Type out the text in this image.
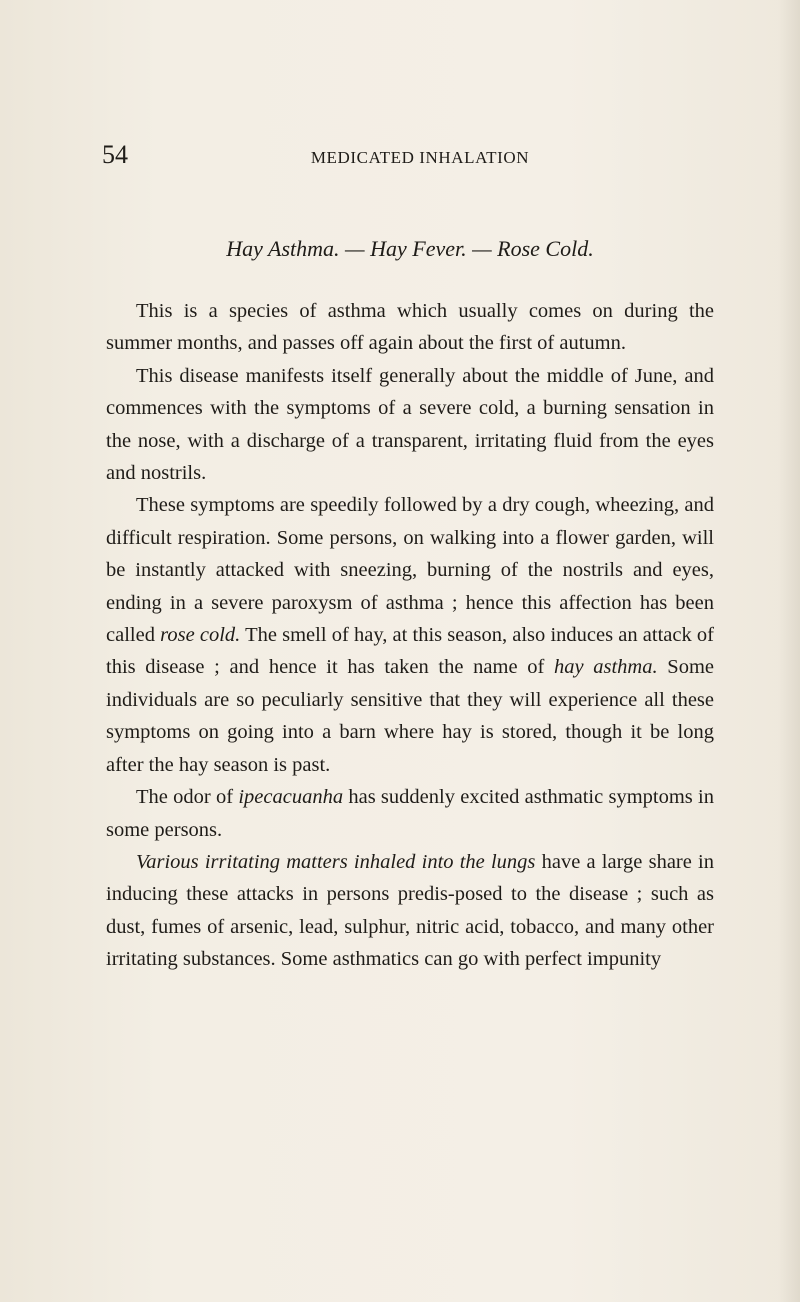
54	MEDICATED INHALATION
Hay Asthma. — Hay Fever. — Rose Cold.

This is a species of asthma which usually comes on during the summer months, and passes off again about the first of autumn.

This disease manifests itself generally about the middle of June, and commences with the symptoms of a severe cold, a burning sensation in the nose, with a discharge of a transparent, irritating fluid from the eyes and nostrils.

These symptoms are speedily followed by a dry cough, wheezing, and difficult respiration. Some persons, on walking into a flower garden, will be instantly attacked with sneezing, burning of the nostrils and eyes, ending in a severe paroxysm of asthma ; hence this affection has been called rose cold. The smell of hay, at this season, also induces an attack of this disease ; and hence it has taken the name of hay asthma. Some individuals are so peculiarly sensitive that they will experience all these symptoms on going into a barn where hay is stored, though it be long after the hay season is past.

The odor of ipecacuanha has suddenly excited asthmatic symptoms in some persons.

Various irritating matters inhaled into the lungs have a large share in inducing these attacks in persons predis-posed to the disease ; such as dust, fumes of arsenic, lead, sulphur, nitric acid, tobacco, and many other irritating substances. Some asthmatics can go with perfect impunity
